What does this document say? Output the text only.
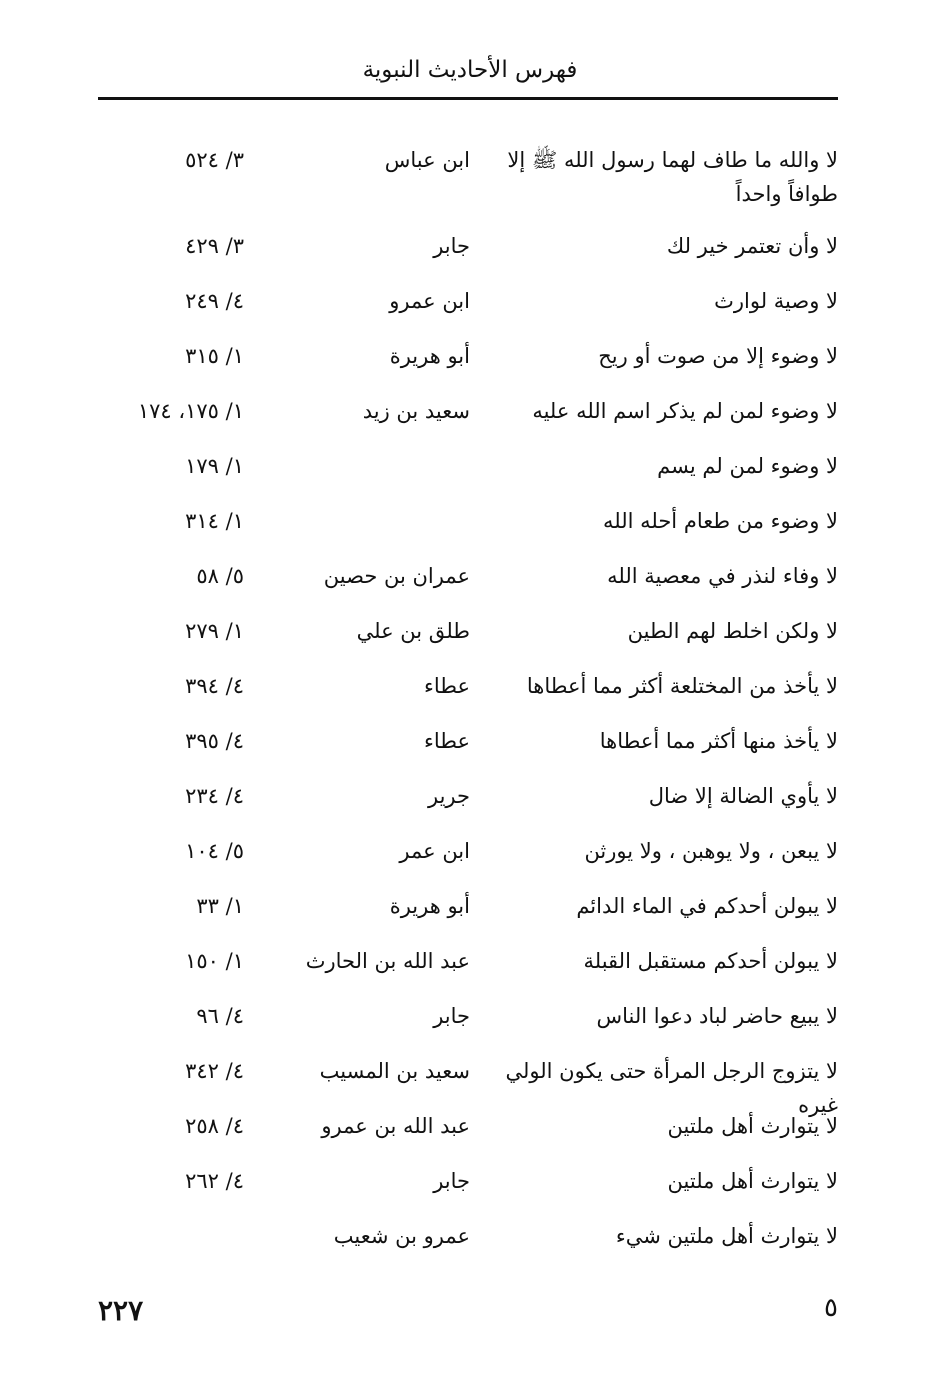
فهرس الأحاديث النبوية
لا والله ما طاف لهما رسول الله ﷺ إلا طوافاً واحداً
ابن عباس
٣/ ٥٢٤
لا وأن تعتمر خير لك
جابر
٣/ ٤٢٩
لا وصية لوارث
ابن عمرو
٤/ ٢٤٩
لا وضوء إلا من صوت أو ريح
أبو هريرة
١/ ٣١٥
لا وضوء لمن لم يذكر اسم الله عليه
سعيد بن زيد
١/ ١٧٥، ١٧٤
لا وضوء لمن لم يسم
١/ ١٧٩
لا وضوء من طعام أحله الله
١/ ٣١٤
لا وفاء لنذر في معصية الله
عمران بن حصين
٥/ ٥٨
لا ولكن اخلط لهم الطين
طلق بن علي
١/ ٢٧٩
لا يأخذ من المختلعة أكثر مما أعطاها
عطاء
٤/ ٣٩٤
لا يأخذ منها أكثر مما أعطاها
عطاء
٤/ ٣٩٥
لا يأوي الضالة إلا ضال
جرير
٤/ ٢٣٤
لا يبعن ، ولا يوهبن ، ولا يورثن
ابن عمر
٥/ ١٠٤
لا يبولن أحدكم في الماء الدائم
أبو هريرة
١/ ٣٣
لا يبولن أحدكم مستقبل القبلة
عبد الله بن الحارث
١/ ١٥٠
لا يبيع حاضر لباد دعوا الناس
جابر
٤/ ٩٦
لا يتزوج الرجل المرأة حتى يكون الولي غيره
سعيد بن المسيب
٤/ ٣٤٢
لا يتوارث أهل ملتين
عبد الله بن عمرو
٤/ ٢٥٨
لا يتوارث أهل ملتين
جابر
٤/ ٢٦٢
لا يتوارث أهل ملتين شيء
عمرو بن شعيب
٢٢٧	٥
